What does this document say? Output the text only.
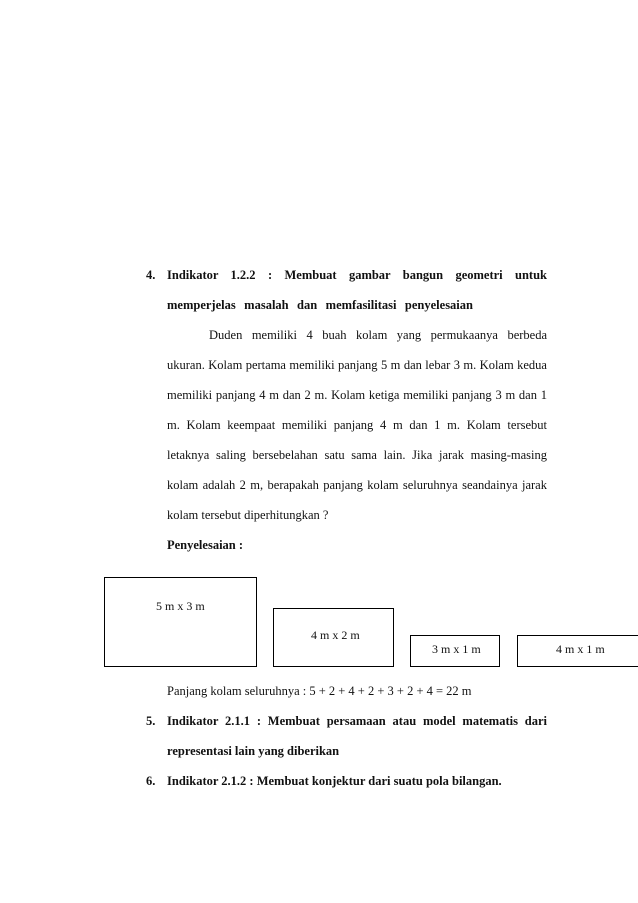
4. Indikator 1.2.2 : Membuat gambar bangun geometri untuk
memperjelas masalah dan memfasilitasi penyelesaian
Duden memiliki 4 buah kolam yang permukaanya berbeda
ukuran. Kolam pertama memiliki panjang 5 m dan lebar 3 m. Kolam kedua
memiliki panjang 4 m dan 2 m. Kolam ketiga memiliki panjang 3 m dan 1
m. Kolam keempaat memiliki panjang 4 m dan 1 m. Kolam tersebut
letaknya saling bersebelahan satu sama lain. Jika jarak masing-masing
kolam adalah 2 m, berapakah panjang kolam seluruhnya seandainya jarak
kolam tersebut diperhitungkan ?
Penyelesaian :
5 m x 3 m
4 m x 2 m
3 m x 1 m	4 m x 1 m
Panjang kolam seluruhnya : 5 + 2 + 4 + 2 + 3 + 2 + 4 = 22 m
5. Indikator 2.1.1 : Membuat persamaan atau model matematis dari
representasi lain yang diberikan
6. Indikator 2.1.2 : Membuat konjektur dari suatu pola bilangan.
